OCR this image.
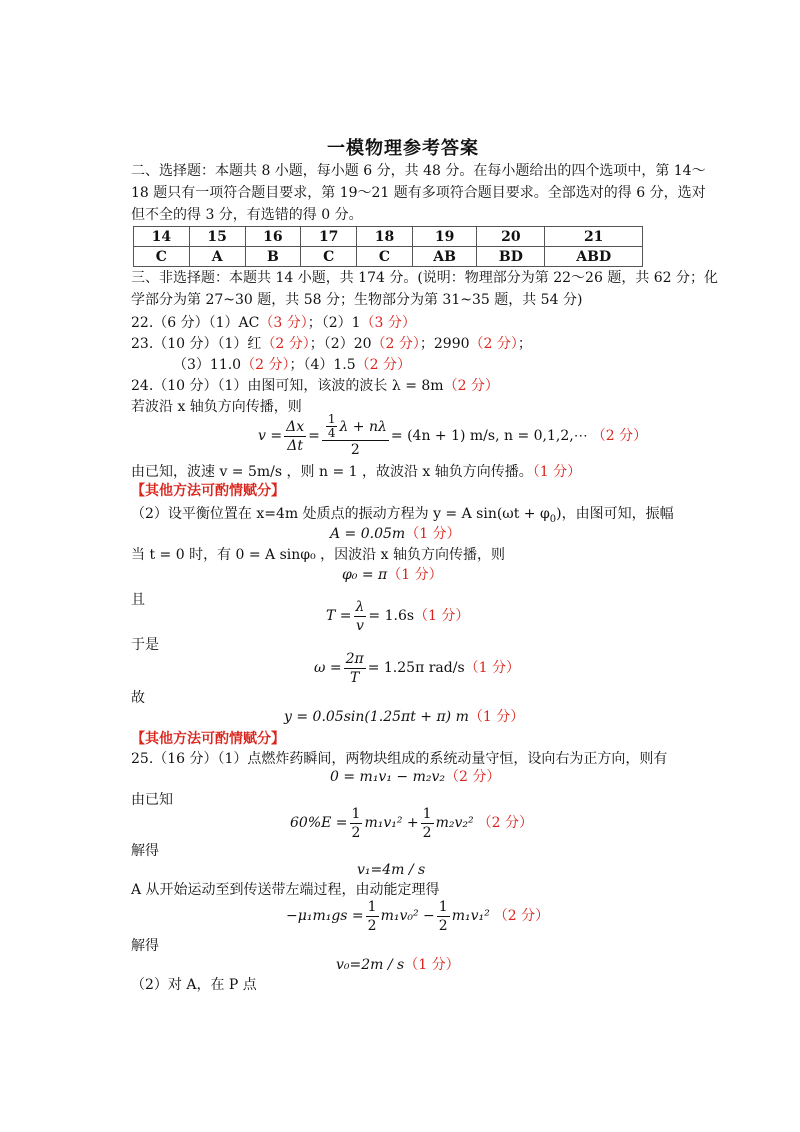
一模物理参考答案
二、选择题：本题共 8 小题，每小题 6 分，共 48 分。在每小题给出的四个选项中，第 14～
18 题只有一项符合题目要求，第 19～21 题有多项符合题目要求。全部选对的得 6 分，选对
但不全的得 3 分，有选错的得 0 分。
14	15	16	17	18	19	20	21
C	A	B	C	C	AB	BD	ABD
三、非选择题：本题共 14 小题，共 174 分。(说明：物理部分为第 22～26 题，共 62 分；化
学部分为第 27~30 题，共 58 分；生物部分为第 31~35 题，共 54 分)
22.（6 分）（1）AC（3 分）；（2）1（3 分）
23.（10 分）（1）红（2 分）；（2）20（2 分）；2990（2 分）；
（3）11.0（2 分）；（4）1.5（2 分）
24.（10 分）（1）由图可知，该波的波长 λ = 8m（2 分）
若波沿 x 轴负方向传播，则
$v = \frac{\Delta x}{\Delta t} = \frac{\frac{1}{4} \lambda + n\lambda}{2} = (4n + 1)$ m/s, n = 0,1,2,⋯ （2 分）
由已知，波速 v = 5m/s ，则 n = 1 ，故波沿 x 轴负方向传播。（1 分）
【其他方法可酌情赋分】
（2）设平衡位置在 x=4m 处质点的振动方程为 y = A $\sin(\omega t + \varphi_0)$，由图可知，振幅
A = 0.05m（1 分）
当 t = 0 时，有 0 = A sinφ₀ ，因波沿 x 轴负方向传播，则
φ₀ = π（1 分）
且
$T = \frac{\lambda}{v} = 1.6s$ （1 分）
于是
$\omega = \frac{2\pi}{T} = 1.25\pi$ rad/s （1 分）
故
y = 0.05sin(1.25πt + π) m（1 分）
【其他方法可酌情赋分】
25.（16 分）（1）点燃炸药瞬间，两物块组成的系统动量守恒，设向右为正方向，则有
0 = m₁v₁ − m₂v₂（2 分）
由已知
$60\%E = \frac{1}{2} m_1v_1^2 + \frac{1}{2} m_2v_2^2$ （2 分）
解得
v₁=4m / s
A 从开始运动至到传送带左端过程，由动能定理得
$-\mu_1m_1gs = \frac{1}{2} m_1v_0^2 - \frac{1}{2} m_1v_1^2$ （2 分）
解得
v₀=2m / s（1 分）
（2）对 A，在 P 点
